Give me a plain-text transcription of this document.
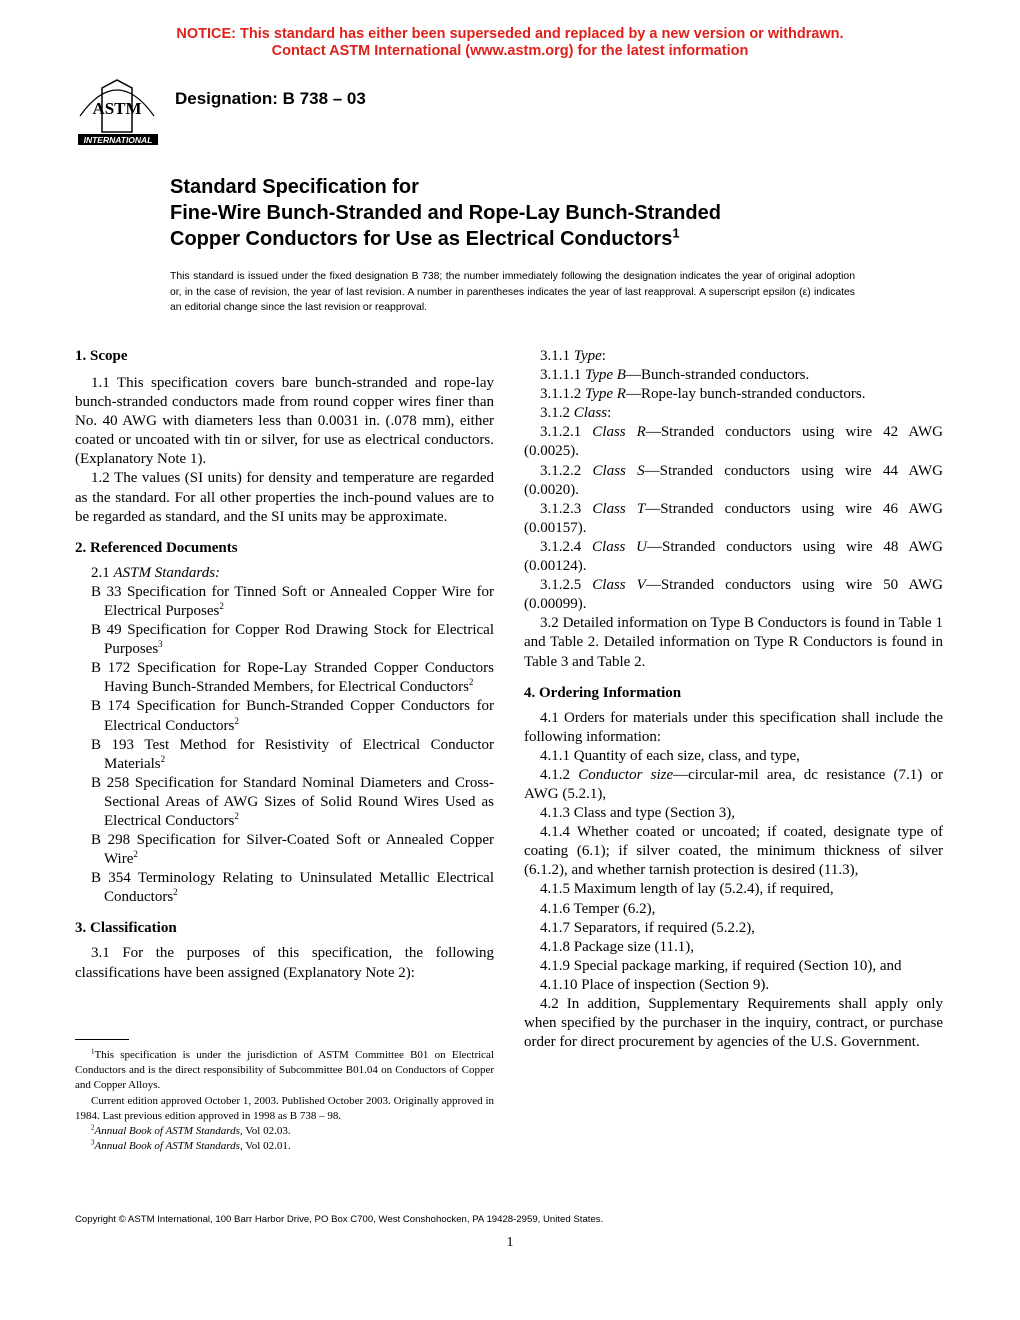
NOTICE: This standard has either been superseded and replaced by a new version or withdrawn.
Contact ASTM International (www.astm.org) for the latest information
ASTM
INTERNATIONAL
Designation: B 738 – 03
Standard Specification for
Fine-Wire Bunch-Stranded and Rope-Lay Bunch-Stranded
Copper Conductors for Use as Electrical Conductors$^1$
This standard is issued under the fixed designation B 738; the number immediately following the designation indicates the year of original adoption or, in the case of revision, the year of last revision. A number in parentheses indicates the year of last reapproval. A superscript epsilon (ε) indicates an editorial change since the last revision or reapproval.
1. Scope

1.1 This specification covers bare bunch-stranded and rope-lay bunch-stranded conductors made from round copper wires finer than No. 40 AWG with diameters less than 0.0031 in. (.078 mm), either coated or uncoated with tin or silver, for use as electrical conductors. (Explanatory Note 1).

1.2 The values (SI units) for density and temperature are regarded as the standard. For all other properties the inch-pound values are to be regarded as standard, and the SI units may be approximate.

2. Referenced Documents

2.1 ASTM Standards:

B 33 Specification for Tinned Soft or Annealed Copper Wire for Electrical Purposes$^2$

B 49 Specification for Copper Rod Drawing Stock for Electrical Purposes$^3$

B 172 Specification for Rope-Lay Stranded Copper Conductors Having Bunch-Stranded Members, for Electrical Conductors$^2$

B 174 Specification for Bunch-Stranded Copper Conductors for Electrical Conductors$^2$

B 193 Test Method for Resistivity of Electrical Conductor Materials$^2$

B 258 Specification for Standard Nominal Diameters and Cross-Sectional Areas of AWG Sizes of Solid Round Wires Used as Electrical Conductors$^2$

B 298 Specification for Silver-Coated Soft or Annealed Copper Wire$^2$

B 354 Terminology Relating to Uninsulated Metallic Electrical Conductors$^2$

3. Classification

3.1 For the purposes of this specification, the following classifications have been assigned (Explanatory Note 2):

3.1.1 Type:

3.1.1.1 Type B—Bunch-stranded conductors.

3.1.1.2 Type R—Rope-lay bunch-stranded conductors.

3.1.2 Class:

3.1.2.1 Class R—Stranded conductors using wire 42 AWG (0.0025).

3.1.2.2 Class S—Stranded conductors using wire 44 AWG (0.0020).

3.1.2.3 Class T—Stranded conductors using wire 46 AWG (0.00157).

3.1.2.4 Class U—Stranded conductors using wire 48 AWG (0.00124).

3.1.2.5 Class V—Stranded conductors using wire 50 AWG (0.00099).

3.2 Detailed information on Type B Conductors is found in Table 1 and Table 2. Detailed information on Type R Conductors is found in Table 3 and Table 2.

4. Ordering Information

4.1 Orders for materials under this specification shall include the following information:

4.1.1 Quantity of each size, class, and type,

4.1.2 Conductor size—circular-mil area, dc resistance (7.1) or AWG (5.2.1),

4.1.3 Class and type (Section 3),

4.1.4 Whether coated or uncoated; if coated, designate type of coating (6.1); if silver coated, the minimum thickness of silver (6.1.2), and whether tarnish protection is desired (11.3),

4.1.5 Maximum length of lay (5.2.4), if required,

4.1.6 Temper (6.2),

4.1.7 Separators, if required (5.2.2),

4.1.8 Package size (11.1),

4.1.9 Special package marking, if required (Section 10), and

4.1.10 Place of inspection (Section 9).

4.2 In addition, Supplementary Requirements shall apply only when specified by the purchaser in the inquiry, contract, or purchase order for direct procurement by agencies of the U.S. Government.

$^1$This specification is under the jurisdiction of ASTM Committee B01 on Electrical Conductors and is the direct responsibility of Subcommittee B01.04 on Conductors of Copper and Copper Alloys.

Current edition approved October 1, 2003. Published October 2003. Originally approved in 1984. Last previous edition approved in 1998 as B 738 – 98.

$^2$Annual Book of ASTM Standards, Vol 02.03.

$^3$Annual Book of ASTM Standards, Vol 02.01.

Copyright © ASTM International, 100 Barr Harbor Drive, PO Box C700, West Conshohocken, PA 19428-2959, United States.
1
